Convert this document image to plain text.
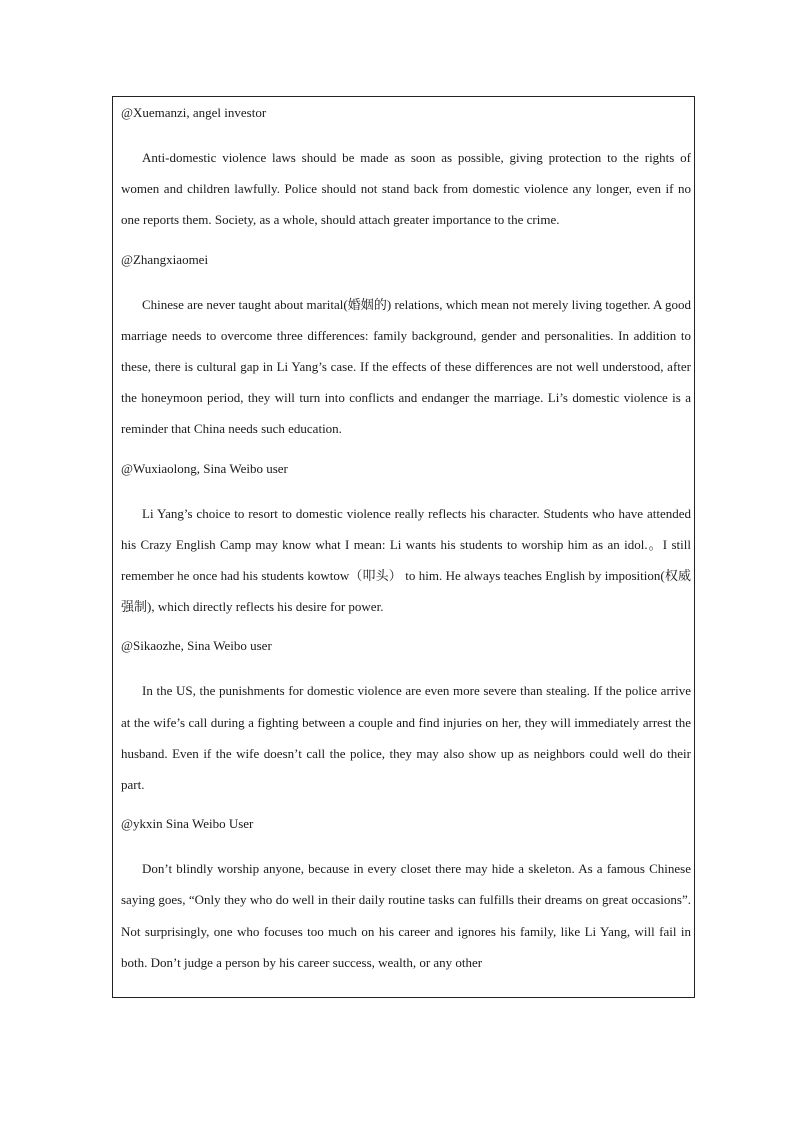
@Xuemanzi, angel investor

Anti-domestic violence laws should be made as soon as possible, giving protection to the rights of women and children lawfully. Police should not stand back from domestic violence any longer, even if no one reports them. Society, as a whole, should attach greater importance to the crime.

@Zhangxiaomei

Chinese are never taught about marital(婚姻的) relations, which mean not merely living together. A good marriage needs to overcome three differences: family background, gender and personalities. In addition to these, there is cultural gap in Li Yang’s case. If the effects of these differences are not well understood, after the honeymoon period, they will turn into conflicts and endanger the marriage. Li’s domestic violence is a reminder that China needs such education.

@Wuxiaolong, Sina Weibo user

Li Yang’s choice to resort to domestic violence really reflects his character. Students who have attended his Crazy English Camp may know what I mean: Li wants his students to worship him as an idol.。I still remember he once had his students kowtow（叩头） to him. He always teaches English by imposition(权威强制), which directly reflects his desire for power.

@Sikaozhe, Sina Weibo user

In the US, the punishments for domestic violence are even more severe than stealing. If the police arrive at the wife’s call during a fighting between a couple and find injuries on her, they will immediately arrest the husband. Even if the wife doesn’t call the police, they may also show up as neighbors could well do their part.

@ykxin Sina Weibo User

Don’t blindly worship anyone, because in every closet there may hide a skeleton. As a famous Chinese saying goes, “Only they who do well in their daily routine tasks can fulfills their dreams on great occasions”. Not surprisingly, one who focuses too much on his career and ignores his family, like Li Yang, will fail in both. Don’t judge a person by his career success, wealth, or any other
